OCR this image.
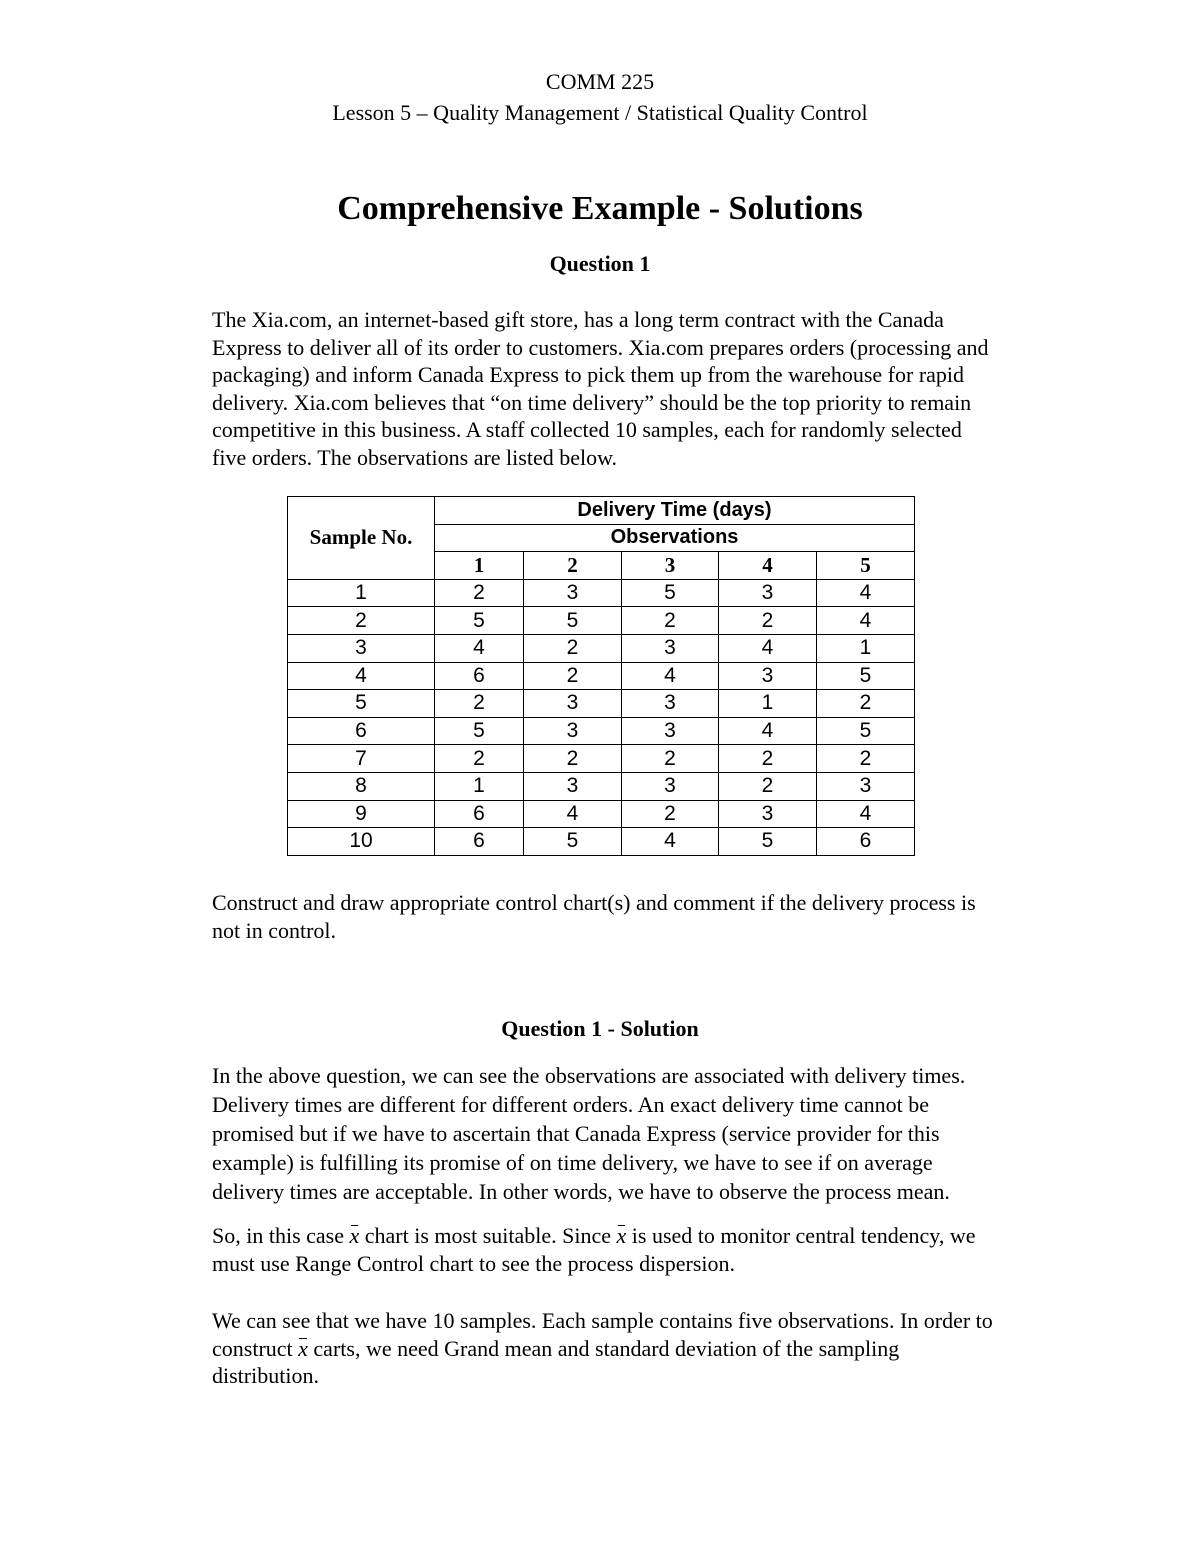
COMM 225
Lesson 5 – Quality Management / Statistical Quality Control
Comprehensive Example - Solutions
Question 1
The Xia.com, an internet-based gift store, has a long term contract with the Canada
Express to deliver all of its order to customers. Xia.com prepares orders (processing and
packaging) and inform Canada Express to pick them up from the warehouse for rapid
delivery. Xia.com believes that “on time delivery” should be the top priority to remain
competitive in this business. A staff collected 10 samples, each for randomly selected
five orders. The observations are listed below.
Sample No.	Delivery Time (days)				
	Observations				
	1	2	3	4	5
1	2	3	5	3	4
2	5	5	2	2	4
3	4	2	3	4	1
4	6	2	4	3	5
5	2	3	3	1	2
6	5	3	3	4	5
7	2	2	2	2	2
8	1	3	3	2	3
9	6	4	2	3	4
10	6	5	4	5	6
Construct and draw appropriate control chart(s) and comment if the delivery process is
not in control.
Question 1 - Solution
In the above question, we can see the observations are associated with delivery times.
Delivery times are different for different orders. An exact delivery time cannot be
promised but if we have to ascertain that Canada Express (service provider for this
example) is fulfilling its promise of on time delivery, we have to see if on average
delivery times are acceptable. In other words, we have to observe the process mean.
So, in this case x chart is most suitable. Since x is used to monitor central tendency, we
must use Range Control chart to see the process dispersion.
We can see that we have 10 samples. Each sample contains five observations. In order to
construct x carts, we need Grand mean and standard deviation of the sampling
distribution.
